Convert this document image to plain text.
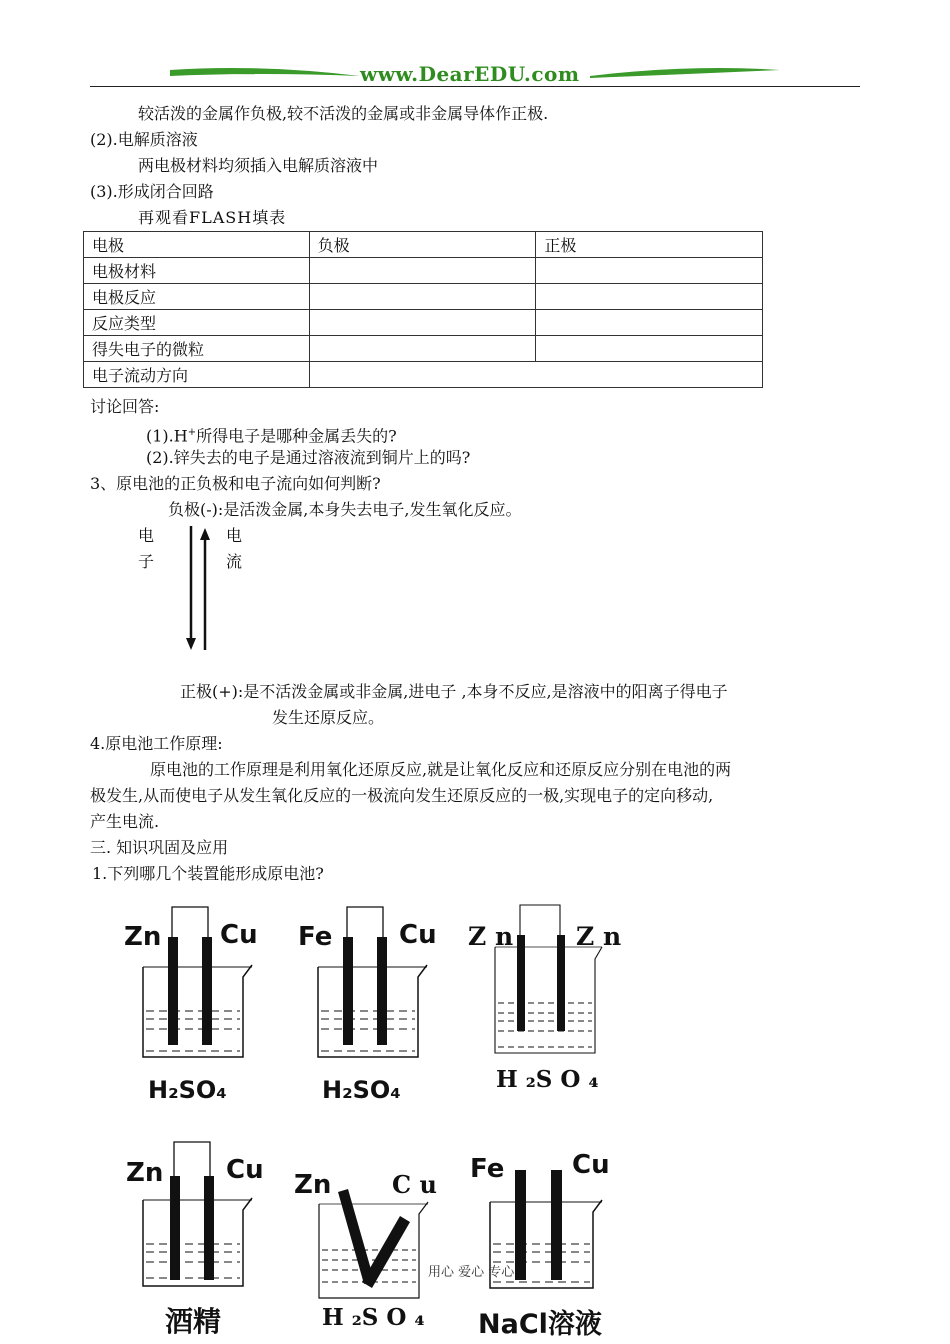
www.DearEDU.com
较活泼的金属作负极,较不活泼的金属或非金属导体作正极.
(2).电解质溶液
两电极材料均须插入电解质溶液中
(3).形成闭合回路
再观看FLASH填表
电极	负极	正极
电极材料		
电极反应		
反应类型		
得失电子的微粒		
电子流动方向		
讨论回答:
(1).H+所得电子是哪种金属丢失的?
(2).锌失去的电子是通过溶液流到铜片上的吗?
3、原电池的正负极和电子流向如何判断?
负极(-):是活泼金属,本身失去电子,发生氧化反应。
电
子
电
流
正极(+):是不活泼金属或非金属,进电子 ,本身不反应,是溶液中的阳离子得电子
发生还原反应。
4.原电池工作原理:
原电池的工作原理是利用氧化还原反应,就是让氧化反应和还原反应分别在电池的两
极发生,从而使电子从发生氧化反应的一极流向发生还原反应的一极,实现电子的定向移动,
产生电流.
三. 知识巩固及应用
1.下列哪几个装置能形成原电池?
Zn Cu
H₂SO₄
Fe	Cu
H₂SO₄
Z n	Z n
H ₂S O ₄
Zn Cu
酒精
Zn	C u
H ₂S O ₄
Fe	Cu
NaCl溶液
用心 爱心 专心
